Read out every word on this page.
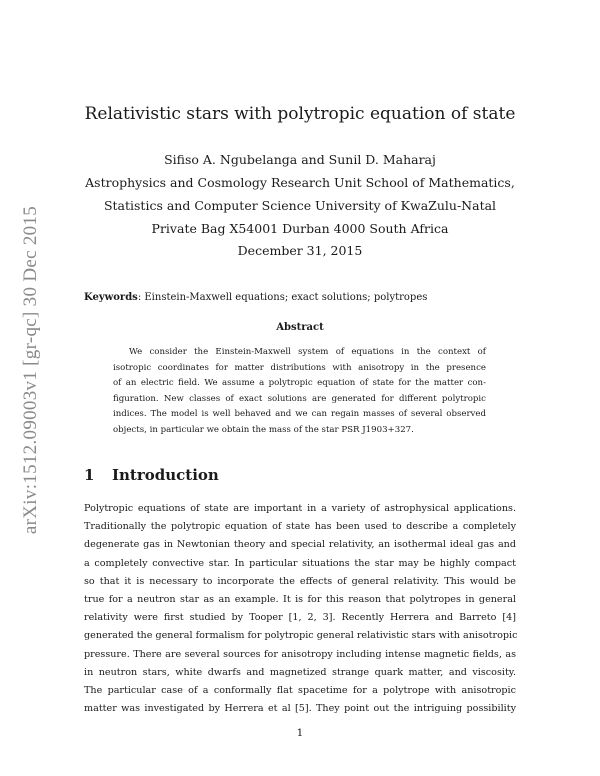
arXiv:1512.09003v1 [gr-qc] 30 Dec 2015
Relativistic stars with polytropic equation of state
Sifiso A. Ngubelanga and Sunil D. Maharaj
Astrophysics and Cosmology Research Unit School of Mathematics,
Statistics and Computer Science University of KwaZulu-Natal
Private Bag X54001 Durban 4000 South Africa
December 31, 2015
Keywords: Einstein-Maxwell equations; exact solutions; polytropes
Abstract
We consider the Einstein-Maxwell system of equations in the context of
isotropic coordinates for matter distributions with anisotropy in the presence
of an electric field. We assume a polytropic equation of state for the matter con-
figuration. New classes of exact solutions are generated for different polytropic
indices. The model is well behaved and we can regain masses of several observed
objects, in particular we obtain the mass of the star PSR J1903+327.
1 Introduction
Polytropic equations of state are important in a variety of astrophysical applications.
Traditionally the polytropic equation of state has been used to describe a completely
degenerate gas in Newtonian theory and special relativity, an isothermal ideal gas and
a completely convective star. In particular situations the star may be highly compact
so that it is necessary to incorporate the effects of general relativity. This would be
true for a neutron star as an example. It is for this reason that polytropes in general
relativity were first studied by Tooper [1, 2, 3]. Recently Herrera and Barreto [4]
generated the general formalism for polytropic general relativistic stars with anisotropic
pressure. There are several sources for anisotropy including intense magnetic fields, as
in neutron stars, white dwarfs and magnetized strange quark matter, and viscosity.
The particular case of a conformally flat spacetime for a polytrope with anisotropic
matter was investigated by Herrera et al [5]. They point out the intriguing possibility
1
